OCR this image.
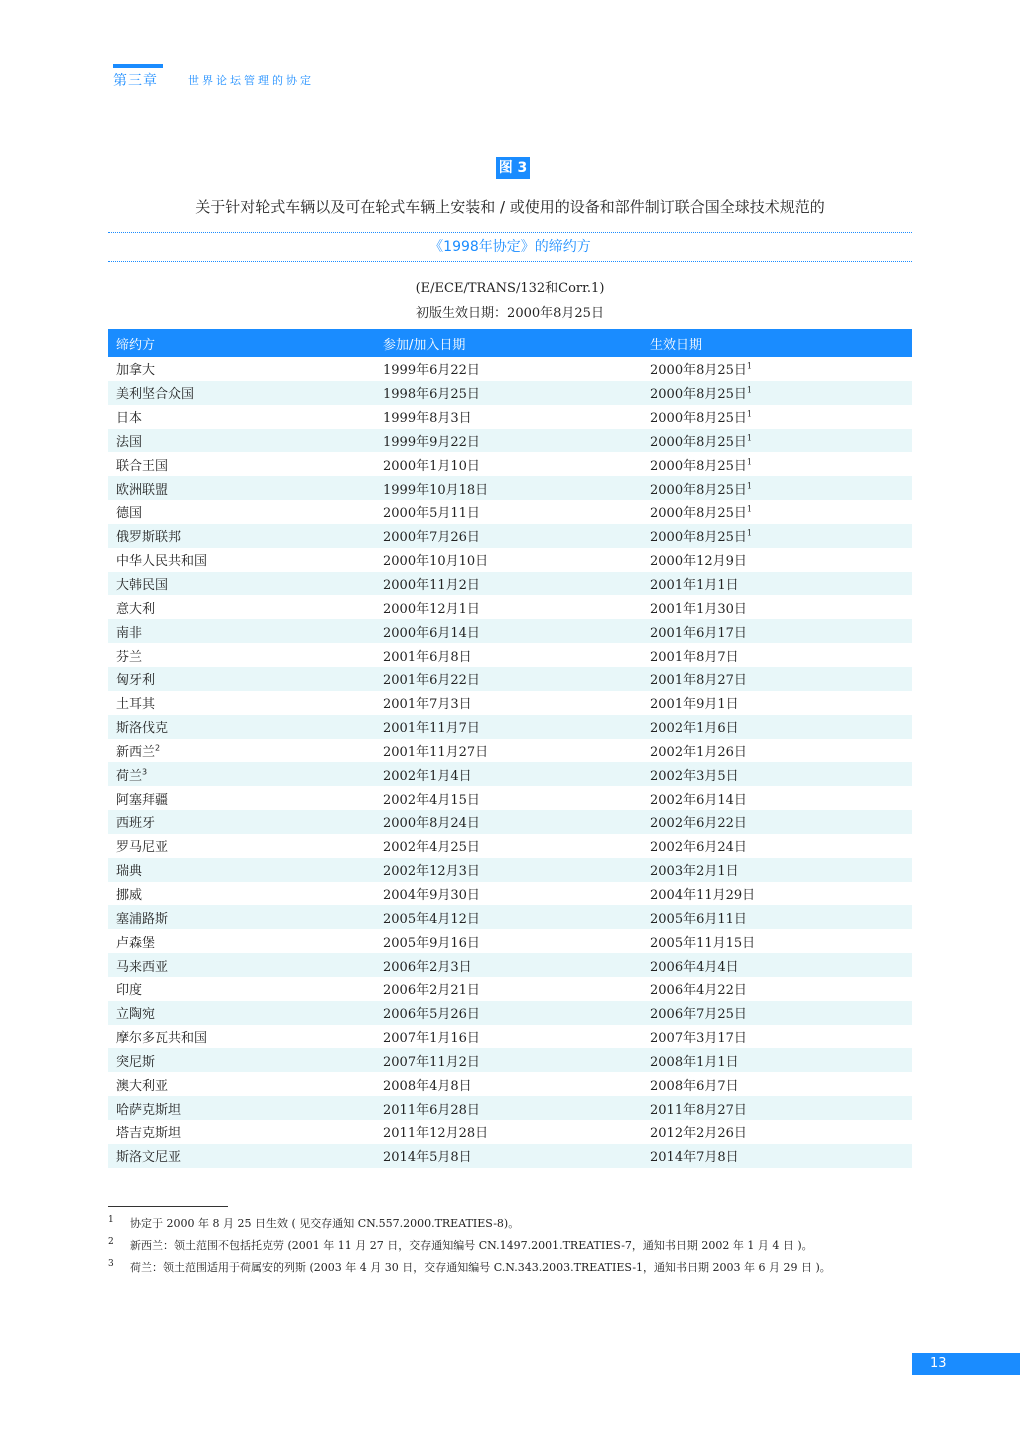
第三章	世界论坛管理的协定
图 3
关于针对轮式车辆以及可在轮式车辆上安装和 / 或使用的设备和部件制订联合国全球技术规范的
《1998年协定》的缔约方
(E/ECE/TRANS/132和Corr.1)
初版生效日期：2000年8月25日
缔约方	参加/加入日期	生效日期
加拿大	1999年6月22日	2000年8月25日$^1$
美利坚合众国	1998年6月25日	2000年8月25日$^1$
日本	1999年8月3日	2000年8月25日$^1$
法国	1999年9月22日	2000年8月25日$^1$
联合王国	2000年1月10日	2000年8月25日$^1$
欧洲联盟	1999年10月18日	2000年8月25日$^1$
德国	2000年5月11日	2000年8月25日$^1$
俄罗斯联邦	2000年7月26日	2000年8月25日$^1$
中华人民共和国	2000年10月10日	2000年12月9日
大韩民国	2000年11月2日	2001年1月1日
意大利	2000年12月1日	2001年1月30日
南非	2000年6月14日	2001年6月17日
芬兰	2001年6月8日	2001年8月7日
匈牙利	2001年6月22日	2001年8月27日
土耳其	2001年7月3日	2001年9月1日
斯洛伐克	2001年11月7日	2002年1月6日
新西兰$^2$	2001年11月27日	2002年1月26日
荷兰$^3$	2002年1月4日	2002年3月5日
阿塞拜疆	2002年4月15日	2002年6月14日
西班牙	2000年8月24日	2002年6月22日
罗马尼亚	2002年4月25日	2002年6月24日
瑞典	2002年12月3日	2003年2月1日
挪威	2004年9月30日	2004年11月29日
塞浦路斯	2005年4月12日	2005年6月11日
卢森堡	2005年9月16日	2005年11月15日
马来西亚	2006年2月3日	2006年4月4日
印度	2006年2月21日	2006年4月22日
立陶宛	2006年5月26日	2006年7月25日
摩尔多瓦共和国	2007年1月16日	2007年3月17日
突尼斯	2007年11月2日	2008年1月1日
澳大利亚	2008年4月8日	2008年6月7日
哈萨克斯坦	2011年6月28日	2011年8月27日
塔吉克斯坦	2011年12月28日	2012年2月26日
斯洛文尼亚	2014年5月8日	2014年7月8日
1 协定于 2000 年 8 月 25 日生效 ( 见交存通知 CN.557.2000.TREATIES-8)。
2 新西兰：领土范围不包括托克劳 (2001 年 11 月 27 日，交存通知编号 CN.1497.2001.TREATIES-7，通知书日期 2002 年 1 月 4 日 )。
3 荷兰：领土范围适用于荷属安的列斯 (2003 年 4 月 30 日，交存通知编号 C.N.343.2003.TREATIES-1，通知书日期 2003 年 6 月 29 日 )。
13
